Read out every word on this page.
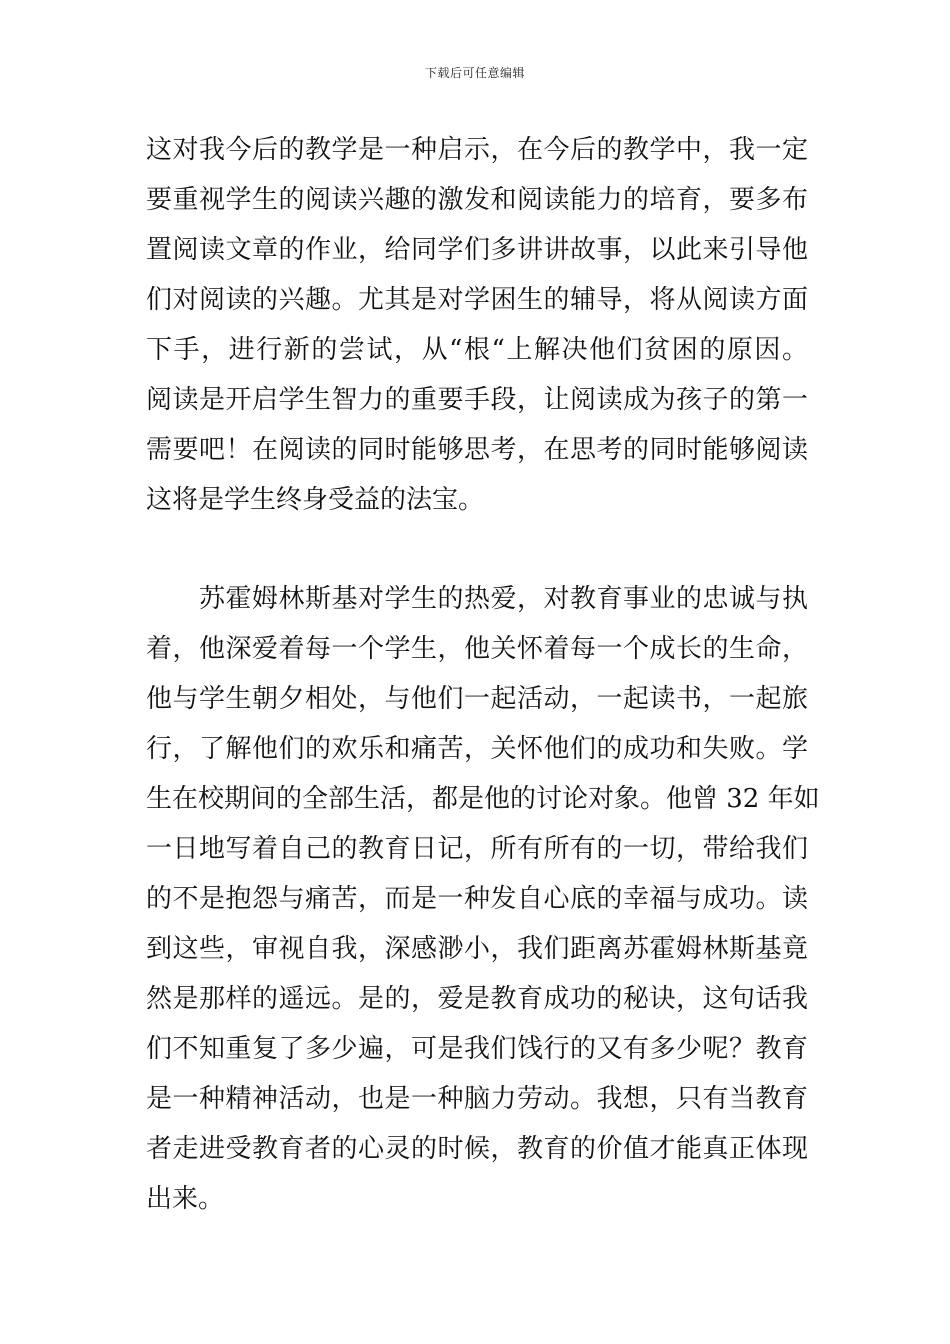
下载后可任意编辑
这对我今后的教学是一种启示，在今后的教学中，我一定
要重视学生的阅读兴趣的激发和阅读能力的培育，要多布
置阅读文章的作业，给同学们多讲讲故事，以此来引导他
们对阅读的兴趣。尤其是对学困生的辅导，将从阅读方面
下手，进行新的尝试，从“根“上解决他们贫困的原因。
阅读是开启学生智力的重要手段，让阅读成为孩子的第一
需要吧！在阅读的同时能够思考，在思考的同时能够阅读
这将是学生终身受益的法宝。
　　苏霍姆林斯基对学生的热爱，对教育事业的忠诚与执
着，他深爱着每一个学生，他关怀着每一个成长的生命，
他与学生朝夕相处，与他们一起活动，一起读书，一起旅
行，了解他们的欢乐和痛苦，关怀他们的成功和失败。学
生在校期间的全部生活，都是他的讨论对象。他曾 32 年如
一日地写着自己的教育日记，所有所有的一切，带给我们
的不是抱怨与痛苦，而是一种发自心底的幸福与成功。读
到这些，审视自我，深感渺小，我们距离苏霍姆林斯基竟
然是那样的遥远。是的，爱是教育成功的秘诀，这句话我
们不知重复了多少遍，可是我们饯行的又有多少呢？教育
是一种精神活动，也是一种脑力劳动。我想，只有当教育
者走进受教育者的心灵的时候，教育的价值才能真正体现
出来。
